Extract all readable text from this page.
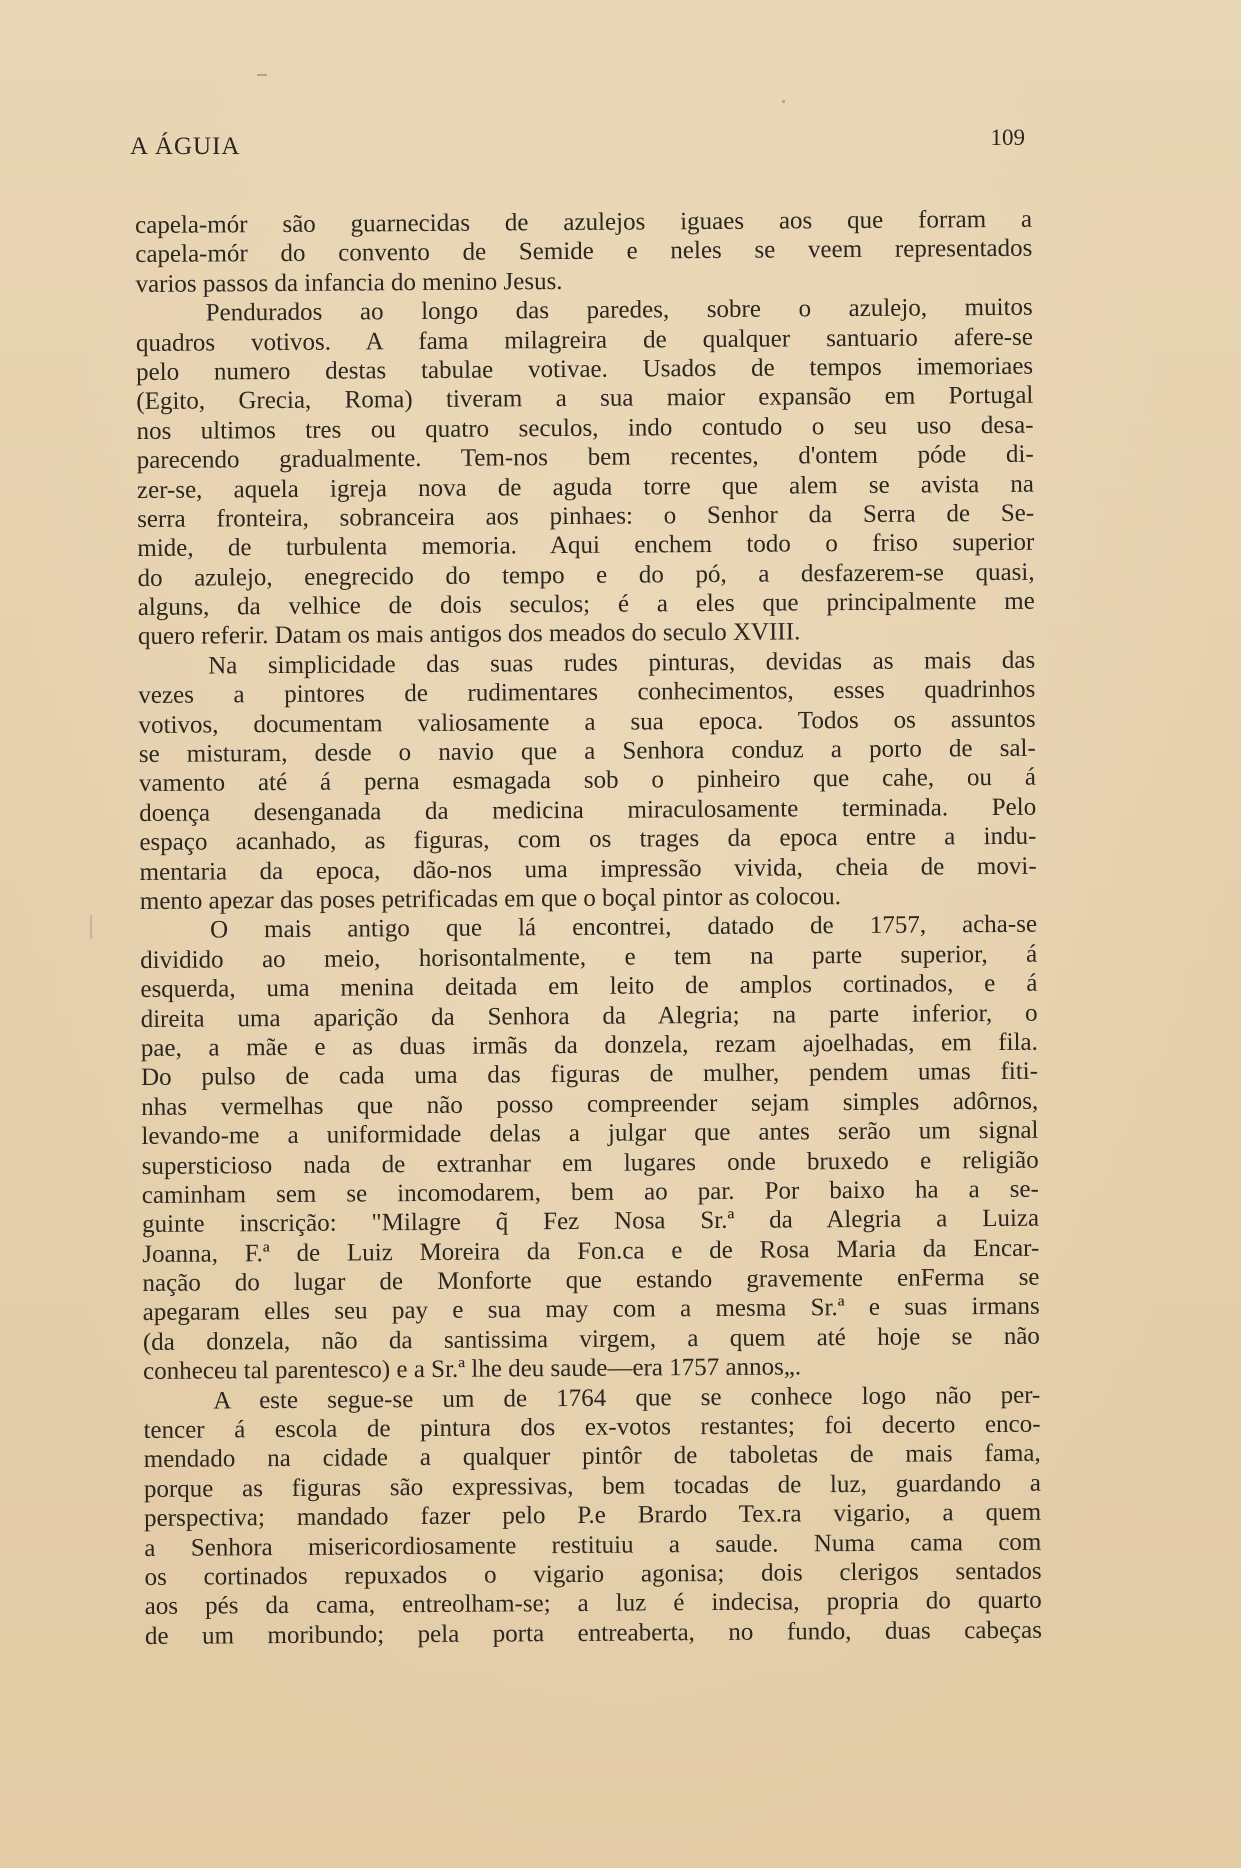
A ÁGUIA	109
capela-mór são guarnecidas de azulejos iguaes aos que forram a
capela-mór do convento de Semide e neles se veem representados
varios passos da infancia do menino Jesus.
Pendurados ao longo das paredes, sobre o azulejo, muitos
quadros votivos. A fama milagreira de qualquer santuario afere-se
pelo numero destas tabulae votivae. Usados de tempos imemoriaes
(Egito, Grecia, Roma) tiveram a sua maior expansão em Portugal
nos ultimos tres ou quatro seculos, indo contudo o seu uso desa-
parecendo gradualmente. Tem-nos bem recentes, d'ontem póde di-
zer-se, aquela igreja nova de aguda torre que alem se avista na
serra fronteira, sobranceira aos pinhaes: o Senhor da Serra de Se-
mide, de turbulenta memoria. Aqui enchem todo o friso superior
do azulejo, enegrecido do tempo e do pó, a desfazerem-se quasi,
alguns, da velhice de dois seculos; é a eles que principalmente me
quero referir. Datam os mais antigos dos meados do seculo XVIII.
Na simplicidade das suas rudes pinturas, devidas as mais das
vezes a pintores de rudimentares conhecimentos, esses quadrinhos
votivos, documentam valiosamente a sua epoca. Todos os assuntos
se misturam, desde o navio que a Senhora conduz a porto de sal-
vamento até á perna esmagada sob o pinheiro que cahe, ou á
doença desenganada da medicina miraculosamente terminada. Pelo
espaço acanhado, as figuras, com os trages da epoca entre a indu-
mentaria da epoca, dão-nos uma impressão vivida, cheia de movi-
mento apezar das poses petrificadas em que o boçal pintor as colocou.
O mais antigo que lá encontrei, datado de 1757, acha-se
dividido ao meio, horisontalmente, e tem na parte superior, á
esquerda, uma menina deitada em leito de amplos cortinados, e á
direita uma aparição da Senhora da Alegria; na parte inferior, o
pae, a mãe e as duas irmãs da donzela, rezam ajoelhadas, em fila.
Do pulso de cada uma das figuras de mulher, pendem umas fiti-
nhas vermelhas que não posso compreender sejam simples adôrnos,
levando-me a uniformidade delas a julgar que antes serão um signal
supersticioso nada de extranhar em lugares onde bruxedo e religião
caminham sem se incomodarem, bem ao par. Por baixo ha a se-
guinte inscrição: "Milagre q̃ Fez Nosa Sr.ª da Alegria a Luiza
Joanna, F.ª de Luiz Moreira da Fon.ca e de Rosa Maria da Encar-
nação do lugar de Monforte que estando gravemente enFerma se
apegaram elles seu pay e sua may com a mesma Sr.ª e suas irmans
(da donzela, não da santissima virgem, a quem até hoje se não
conheceu tal parentesco) e a Sr.ª lhe deu saude—era 1757 annos„.
A este segue-se um de 1764 que se conhece logo não per-
tencer á escola de pintura dos ex-votos restantes; foi decerto enco-
mendado na cidade a qualquer pintôr de taboletas de mais fama,
porque as figuras são expressivas, bem tocadas de luz, guardando a
perspectiva; mandado fazer pelo P.e Brardo Tex.ra vigario, a quem
a Senhora misericordiosamente restituiu a saude. Numa cama com
os cortinados repuxados o vigario agonisa; dois clerigos sentados
aos pés da cama, entreolham-se; a luz é indecisa, propria do quarto
de um moribundo; pela porta entreaberta, no fundo, duas cabeças
